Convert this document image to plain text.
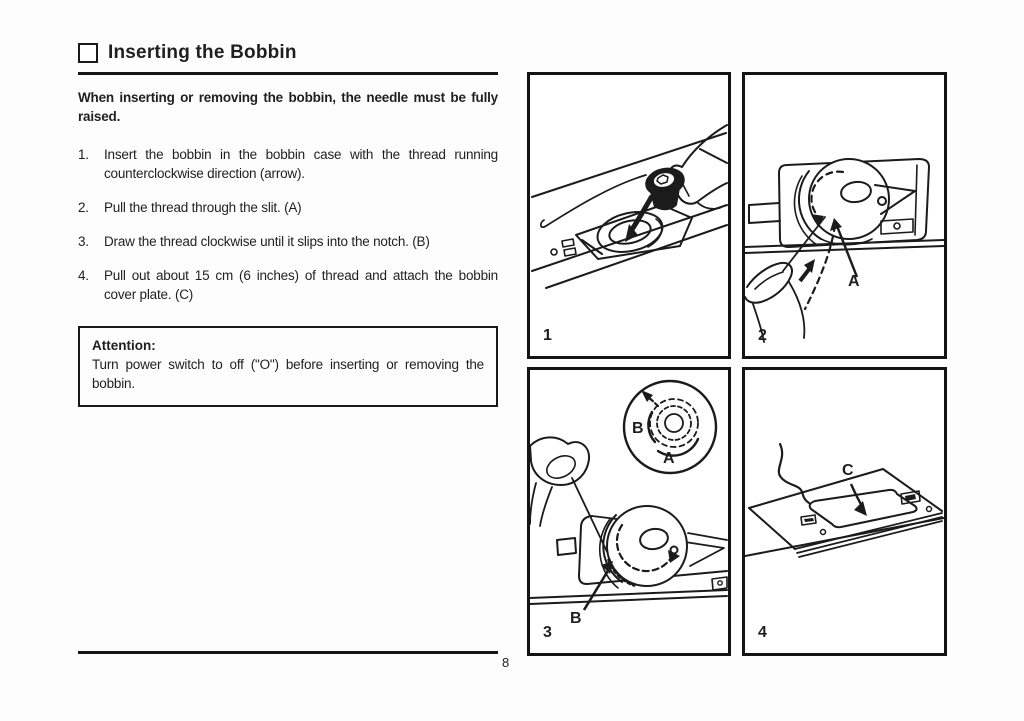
Inserting the Bobbin

When inserting or removing the bobbin, the needle must be fully raised.

1.	Insert the bobbin in the bobbin case with the thread running counterclockwise direction (arrow).
2.	Pull the thread through the slit. (A)
3.	Draw the thread clockwise until it slips into the notch. (B)
4.	Pull out about 15 cm (6 inches) of thread and attach the bobbin cover plate. (C)
Attention:
Turn power switch to off ("O") before inserting or removing the bobbin.
8
1
A
2
B
A
B
3
C
4
